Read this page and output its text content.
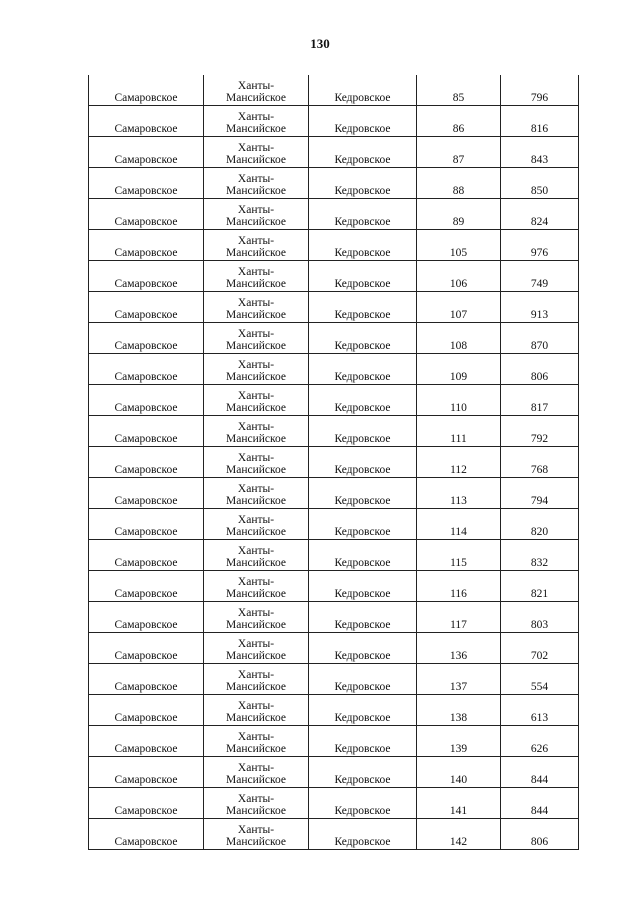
130
Самаровское	Ханты-
Мансийское	Кедровское	85	796
Самаровское	Ханты-
Мансийское	Кедровское	86	816
Самаровское	Ханты-
Мансийское	Кедровское	87	843
Самаровское	Ханты-
Мансийское	Кедровское	88	850
Самаровское	Ханты-
Мансийское	Кедровское	89	824
Самаровское	Ханты-
Мансийское	Кедровское	105	976
Самаровское	Ханты-
Мансийское	Кедровское	106	749
Самаровское	Ханты-
Мансийское	Кедровское	107	913
Самаровское	Ханты-
Мансийское	Кедровское	108	870
Самаровское	Ханты-
Мансийское	Кедровское	109	806
Самаровское	Ханты-
Мансийское	Кедровское	110	817
Самаровское	Ханты-
Мансийское	Кедровское	111	792
Самаровское	Ханты-
Мансийское	Кедровское	112	768
Самаровское	Ханты-
Мансийское	Кедровское	113	794
Самаровское	Ханты-
Мансийское	Кедровское	114	820
Самаровское	Ханты-
Мансийское	Кедровское	115	832
Самаровское	Ханты-
Мансийское	Кедровское	116	821
Самаровское	Ханты-
Мансийское	Кедровское	117	803
Самаровское	Ханты-
Мансийское	Кедровское	136	702
Самаровское	Ханты-
Мансийское	Кедровское	137	554
Самаровское	Ханты-
Мансийское	Кедровское	138	613
Самаровское	Ханты-
Мансийское	Кедровское	139	626
Самаровское	Ханты-
Мансийское	Кедровское	140	844
Самаровское	Ханты-
Мансийское	Кедровское	141	844
Самаровское	Ханты-
Мансийское	Кедровское	142	806
